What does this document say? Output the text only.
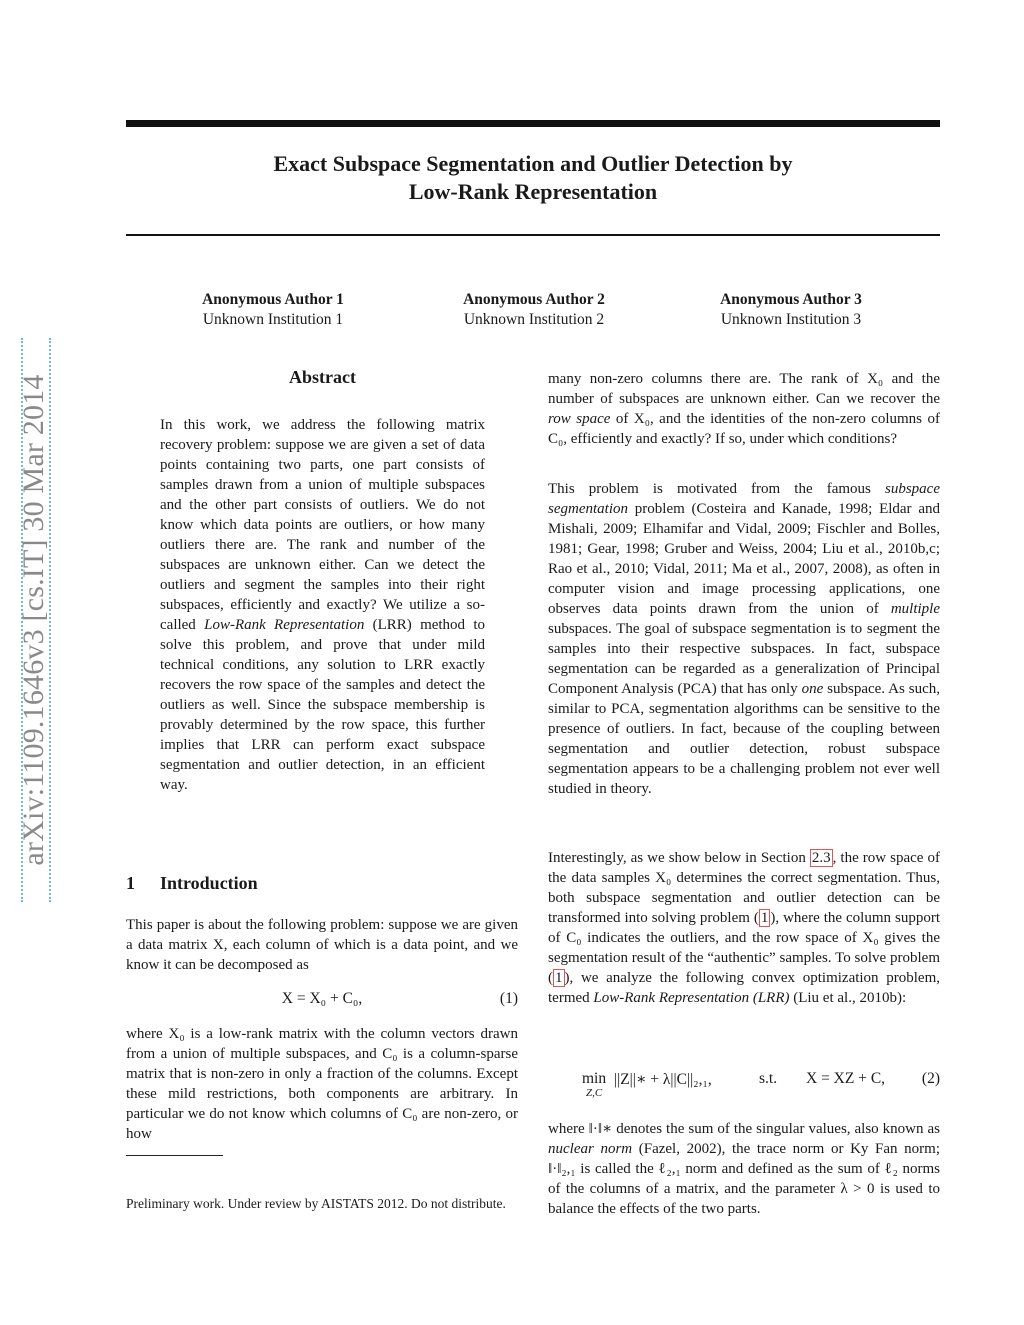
Exact Subspace Segmentation and Outlier Detection by
Low-Rank Representation
Anonymous Author 1
Unknown Institution 1
Anonymous Author 2
Unknown Institution 2
Anonymous Author 3
Unknown Institution 3
arXiv:1109.1646v3 [cs.IT] 30 Mar 2014	Abstract
In this work, we address the following matrix recovery problem: suppose we are given a set of data points containing two parts, one part consists of samples drawn from a union of multiple subspaces and the other part consists of outliers. We do not know which data points are outliers, or how many outliers there are. The rank and number of the subspaces are unknown either. Can we detect the outliers and segment the samples into their right subspaces, efficiently and exactly? We utilize a so-called Low-Rank Representation (LRR) method to solve this problem, and prove that under mild technical conditions, any solution to LRR exactly recovers the row space of the samples and detect the outliers as well. Since the subspace membership is provably determined by the row space, this further implies that LRR can perform exact subspace segmentation and outlier detection, in an efficient way.
1 Introduction
This paper is about the following problem: suppose we are given a data matrix X, each column of which is a data point, and we know it can be decomposed as
X = X₀ + C₀,	(1)
where X₀ is a low-rank matrix with the column vectors drawn from a union of multiple subspaces, and C₀ is a column-sparse matrix that is non-zero in only a fraction of the columns. Except these mild restrictions, both components are arbitrary. In particular we do not know which columns of C₀ are non-zero, or how
Preliminary work. Under review by AISTATS 2012. Do not distribute.
many non-zero columns there are. The rank of X₀ and the number of subspaces are unknown either. Can we recover the row space of X₀, and the identities of the non-zero columns of C₀, efficiently and exactly? If so, under which conditions?
This problem is motivated from the famous subspace segmentation problem (Costeira and Kanade, 1998; Eldar and Mishali, 2009; Elhamifar and Vidal, 2009; Fischler and Bolles, 1981; Gear, 1998; Gruber and Weiss, 2004; Liu et al., 2010b,c; Rao et al., 2010; Vidal, 2011; Ma et al., 2007, 2008), as often in computer vision and image processing applications, one observes data points drawn from the union of multiple subspaces. The goal of subspace segmentation is to segment the samples into their respective subspaces. In fact, subspace segmentation can be regarded as a generalization of Principal Component Analysis (PCA) that has only one subspace. As such, similar to PCA, segmentation algorithms can be sensitive to the presence of outliers. In fact, because of the coupling between segmentation and outlier detection, robust subspace segmentation appears to be a challenging problem not ever well studied in theory.
Interestingly, as we show below in Section 2.3 , the row space of the data samples X₀ determines the correct segmentation. Thus, both subspace segmentation and outlier detection can be transformed into solving problem ( 1 ), where the column support of C₀ indicates the outliers, and the row space of X₀ gives the segmentation result of the “authentic” samples. To solve problem ( 1 ), we analyze the following convex optimization problem, termed Low-Rank Representation (LRR) (Liu et al., 2010b):
min
Z,C
||Z||∗ + λ||C||₂,₁,	s.t. X = XZ + C, (2)
where ‖·‖∗ denotes the sum of the singular values, also known as nuclear norm (Fazel, 2002), the trace norm or Ky Fan norm; ‖·‖₂,₁ is called the ℓ₂,₁ norm and defined as the sum of ℓ₂ norms of the columns of a matrix, and the parameter λ > 0 is used to balance the effects of the two parts.
